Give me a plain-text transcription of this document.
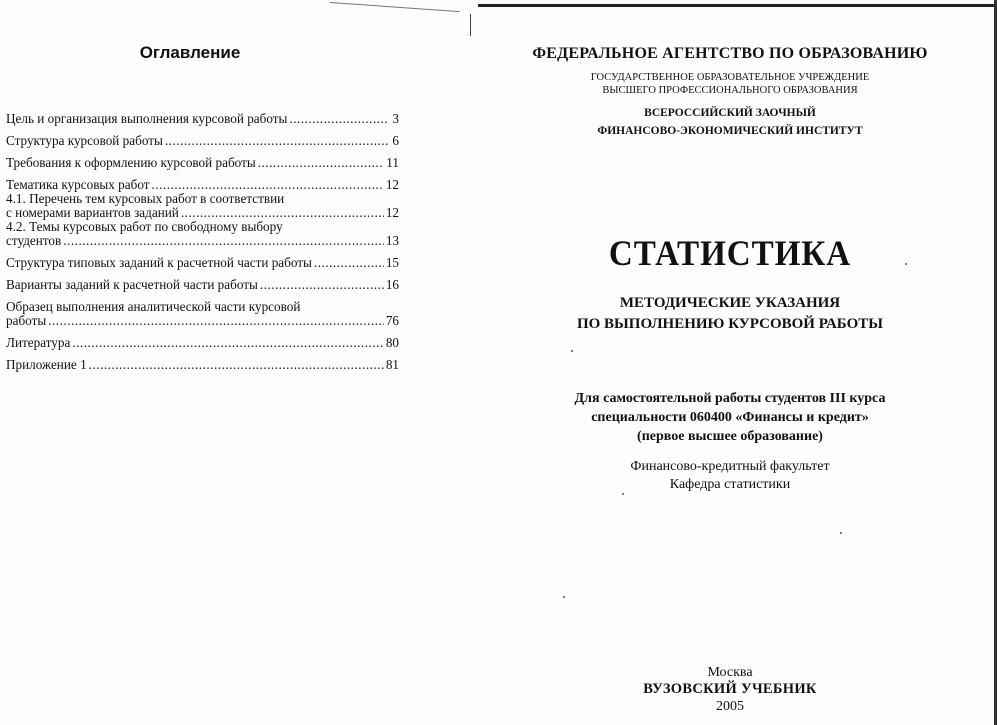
Оглавление
Цель и организация выполнения курсовой работы .....	3
Структура курсовой работы .....	6
Требования к оформлению курсовой работы .....	11
Тематика курсовых работ .....	12
4.1. Перечень тем курсовых работ в соответствии
с номерами вариантов заданий .....	12
4.2. Темы курсовых работ по свободному выбору
студентов .....	13
Структура типовых заданий к расчетной части работы .....	15
Варианты заданий к расчетной части работы .....	16
Образец выполнения аналитической части курсовой
работы .....	76
Литература .....	80
Приложение 1 .....	81
ФЕДЕРАЛЬНОЕ АГЕНТСТВО ПО ОБРАЗОВАНИЮ
ГОСУДАРСТВЕННОЕ ОБРАЗОВАТЕЛЬНОЕ УЧРЕЖДЕНИЕ
ВЫСШЕГО ПРОФЕССИОНАЛЬНОГО ОБРАЗОВАНИЯ
ВСЕРОССИЙСКИЙ ЗАОЧНЫЙ
ФИНАНСОВО-ЭКОНОМИЧЕСКИЙ ИНСТИТУТ
СТАТИСТИКА
МЕТОДИЧЕСКИЕ УКАЗАНИЯ
ПО ВЫПОЛНЕНИЮ КУРСОВОЙ РАБОТЫ
Для самостоятельной работы студентов III курса
специальности 060400 «Финансы и кредит»
(первое высшее образование)
Финансово-кредитный факультет
Кафедра статистики
Москва
ВУЗОВСКИЙ УЧЕБНИК
2005
